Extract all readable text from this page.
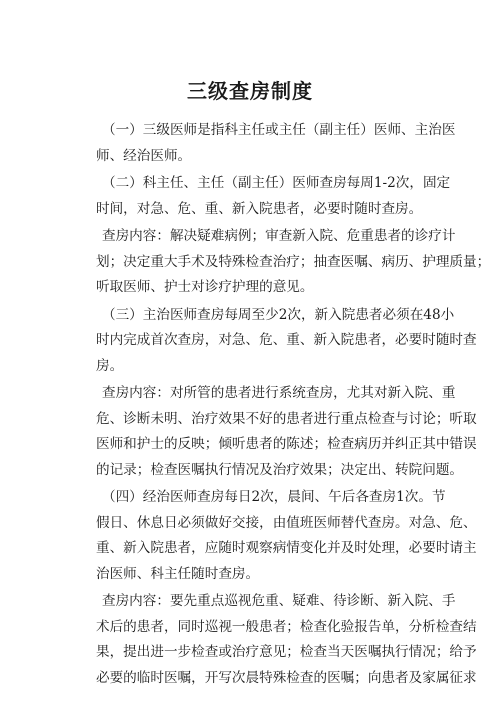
三级查房制度

（一）三级医师是指科主任或主任（副主任）医师、主治医
师、经治医师。

（二）科主任、主任（副主任）医师查房每周1-2次，固定
时间，对急、危、重、新入院患者，必要时随时查房。

查房内容：解决疑难病例；审查新入院、危重患者的诊疗计
划；决定重大手术及特殊检查治疗；抽查医嘱、病历、护理质量；
听取医师、护士对诊疗护理的意见。

（三）主治医师查房每周至少2次，新入院患者必须在48小
时内完成首次查房，对急、危、重、新入院患者，必要时随时查
房。

查房内容：对所管的患者进行系统查房，尤其对新入院、重
危、诊断未明、治疗效果不好的患者进行重点检查与讨论；听取
医师和护士的反映；倾听患者的陈述；检查病历并纠正其中错误
的记录；检查医嘱执行情况及治疗效果；决定出、转院问题。

（四）经治医师查房每日2次，晨间、午后各查房1次。节
假日、休息日必须做好交接，由值班医师替代查房。对急、危、
重、新入院患者，应随时观察病情变化并及时处理，必要时请主
治医师、科主任随时查房。

查房内容：要先重点巡视危重、疑难、待诊断、新入院、手
术后的患者，同时巡视一般患者；检查化验报告单，分析检查结
果，提出进一步检查或治疗意见；检查当天医嘱执行情况；给予
必要的临时医嘱，开写次晨特殊检查的医嘱；向患者及家属征求
